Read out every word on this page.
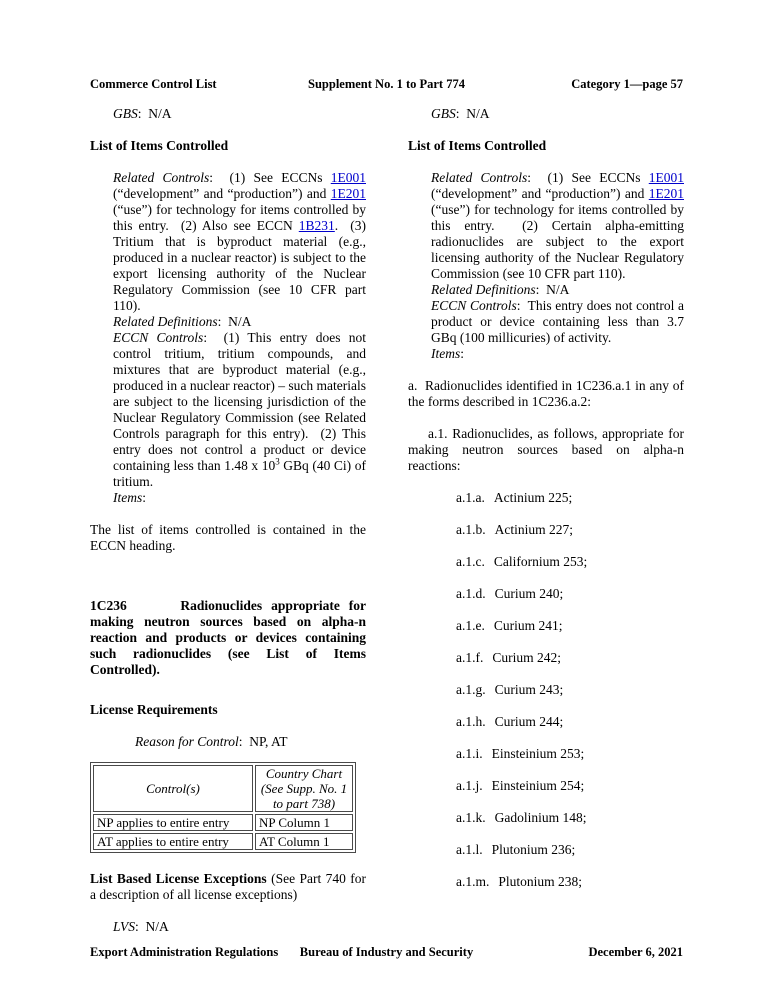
Commerce Control List	Supplement No. 1 to Part 774	Category 1—page 57

GBS:  N/A

List of Items Controlled

Related Controls:  (1) See ECCNs 1E001 (“development” and “production”) and 1E201 (“use”) for technology for items controlled by this entry.  (2) Also see ECCN 1B231.  (3) Tritium that is byproduct material (e.g., produced in a nuclear reactor) is subject to the export licensing authority of the Nuclear Regulatory Commission (see 10 CFR part 110).

Related Definitions:  N/A

ECCN Controls:  (1) This entry does not control tritium, tritium compounds, and mixtures that are byproduct material (e.g., produced in a nuclear reactor) – such materials are subject to the licensing jurisdiction of the Nuclear Regulatory Commission (see Related Controls paragraph for this entry).  (2) This entry does not control a product or device containing less than 1.48 x $10^3$ GBq (40 Ci) of tritium.

Items:

The list of items controlled is contained in the ECCN heading.

1C236      Radionuclides appropriate for making neutron sources based on alpha-n reaction and products or devices containing such radionuclides (see List of Items Controlled).

License Requirements

Reason for Control:  NP, AT

Control(s)	Country Chart (See Supp. No. 1 to part 738)
NP applies to entire entry	NP Column 1
AT applies to entire entry	AT Column 1

List Based License Exceptions (See Part 740 for a description of all license exceptions)

LVS:  N/A

GBS:  N/A

List of Items Controlled

Related Controls:  (1) See ECCNs 1E001 (“development” and “production”) and 1E201 (“use”) for technology for items controlled by this entry.  (2) Certain alpha-emitting radionuclides are subject to the export licensing authority of the Nuclear Regulatory Commission (see 10 CFR part 110).

Related Definitions:  N/A

ECCN Controls:  This entry does not control a product or device containing less than 3.7 GBq (100 millicuries) of activity.

Items:

a.  Radionuclides identified in 1C236.a.1 in any of the forms described in 1C236.a.2:

a.1. Radionuclides, as follows, appropriate for making neutron sources based on alpha-n reactions:

a.1.a. Actinium 225;

a.1.b. Actinium 227;

a.1.c. Californium 253;

a.1.d. Curium 240;

a.1.e. Curium 241;

a.1.f. Curium 242;

a.1.g. Curium 243;

a.1.h. Curium 244;

a.1.i. Einsteinium 253;

a.1.j. Einsteinium 254;

a.1.k. Gadolinium 148;

a.1.l. Plutonium 236;

a.1.m. Plutonium 238;

Export Administration Regulations	Bureau of Industry and Security	December 6, 2021
